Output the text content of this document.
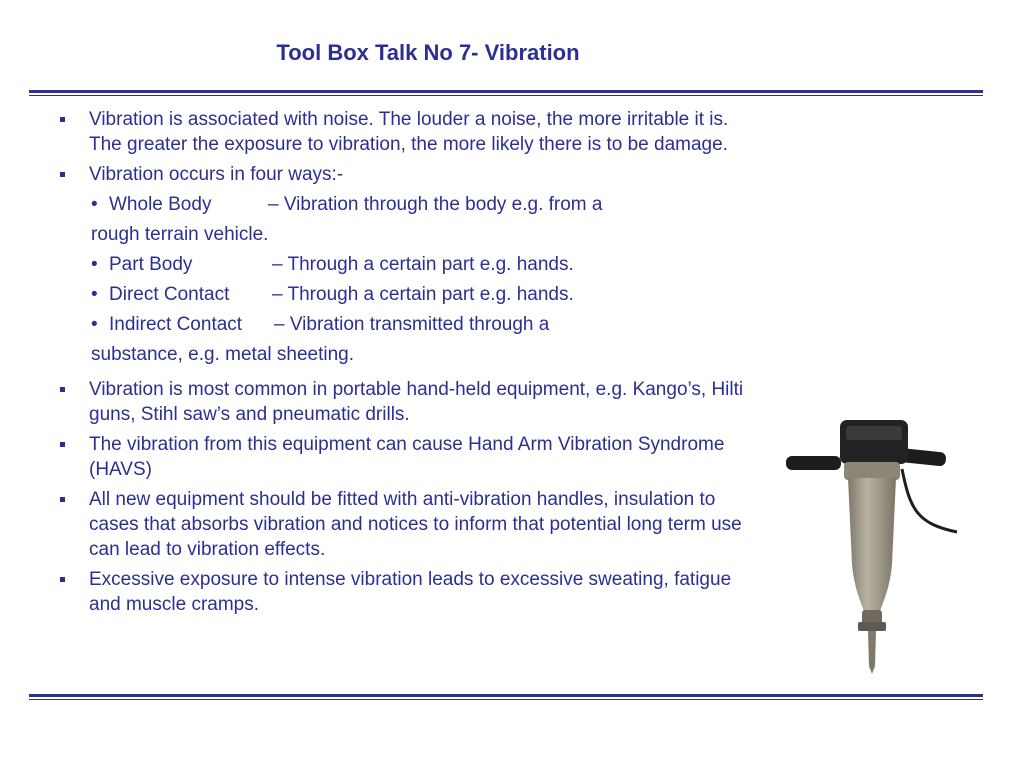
Tool Box Talk No 7- Vibration
Vibration is associated with noise. The louder a noise, the more irritable it is. The greater the exposure to vibration, the more likely there is to be damage.
Vibration occurs in four ways:-
• Whole Body	– Vibration through the body e.g. from a
rough terrain vehicle.
• Part Body	– Through a certain part e.g. hands.
• Direct Contact	– Through a certain part e.g. hands.
• Indirect Contact	– Vibration transmitted through a
substance, e.g. metal sheeting.
Vibration is most common in portable hand-held equipment, e.g. Kango’s, Hilti guns, Stihl saw’s and pneumatic drills.
The vibration from this equipment can cause Hand Arm Vibration Syndrome (HAVS)
All new equipment should be fitted with anti-vibration handles, insulation to cases that absorbs vibration and notices to inform that potential long term use can lead to vibration effects.
Excessive exposure to intense vibration leads to excessive sweating, fatigue and muscle cramps.
